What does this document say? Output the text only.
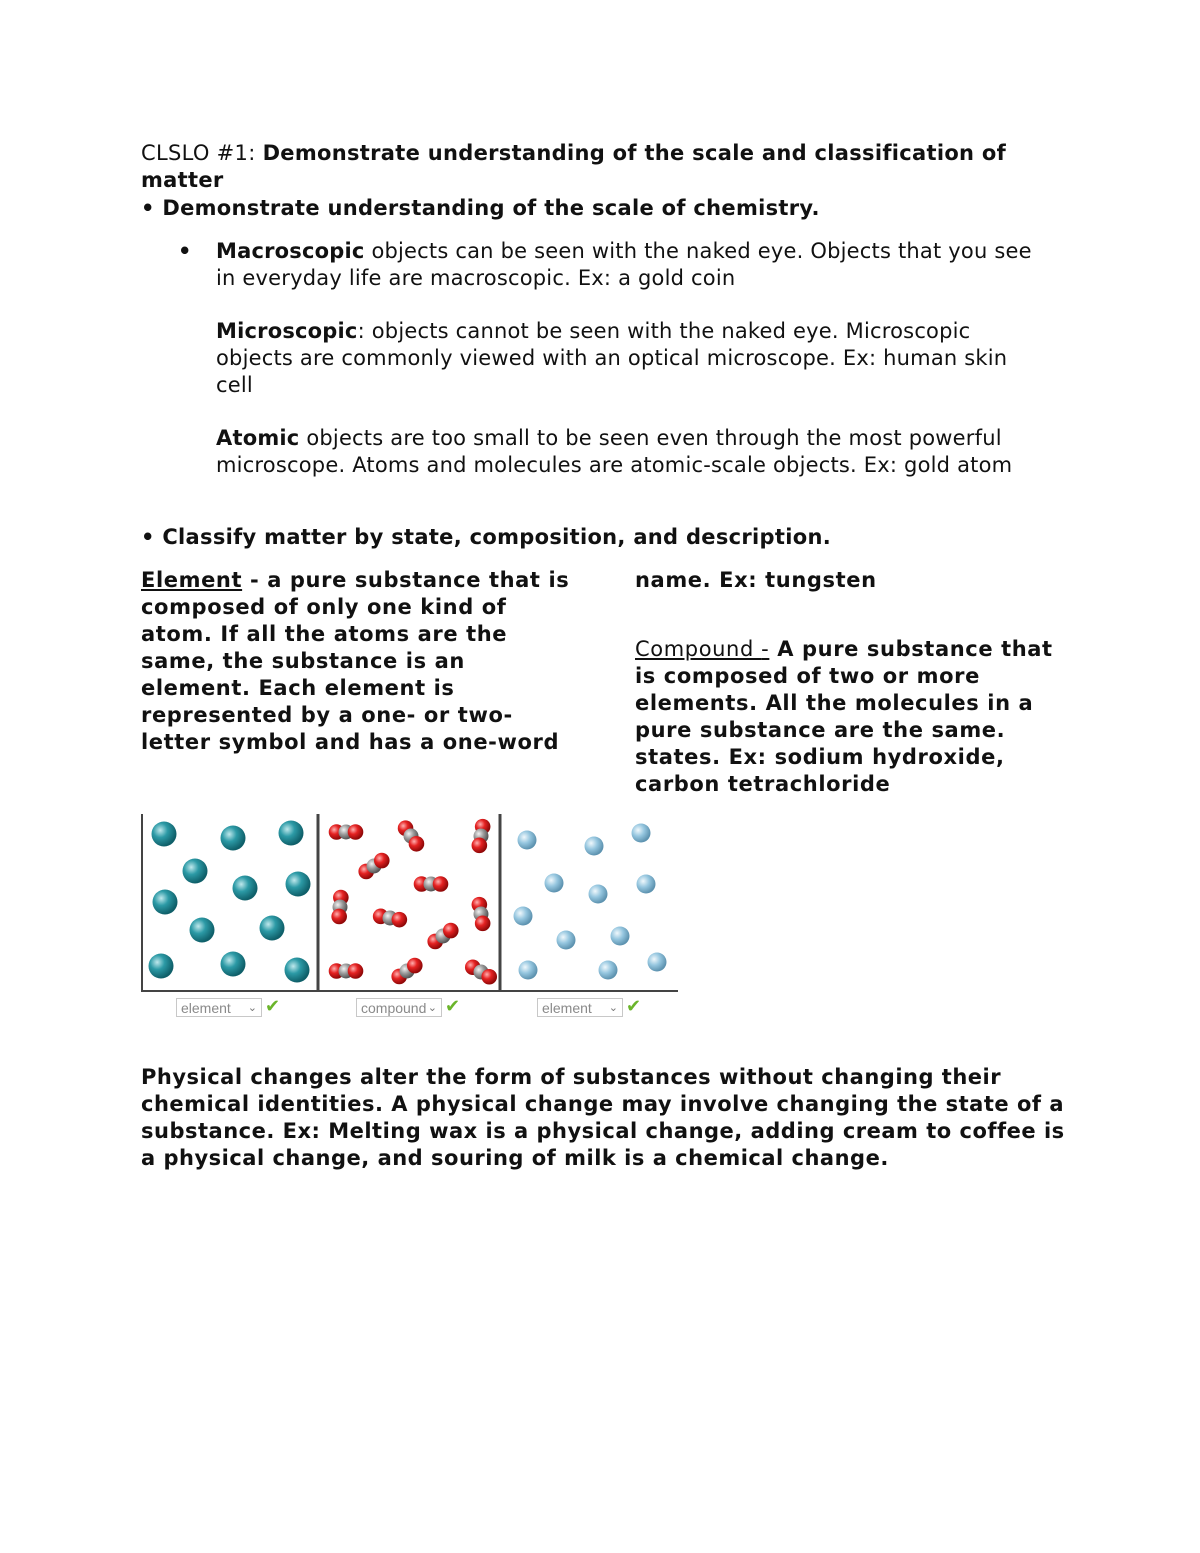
CLSLO #1: Demonstrate understanding of the scale and classification of matter
• Demonstrate understanding of the scale of chemistry.
• Macroscopic objects can be seen with the naked eye. Objects that you see in everyday life are macroscopic. Ex: a gold coin
Microscopic: objects cannot be seen with the naked eye. Microscopic objects are commonly viewed with an optical microscope. Ex: human skin cell
Atomic objects are too small to be seen even through the most powerful microscope. Atoms and molecules are atomic-scale objects. Ex: gold atom
• Classify matter by state, composition, and description.
Element - a pure substance that is composed of only one kind of atom. If all the atoms are the same, the substance is an element. Each element is represented by a one- or two-letter symbol and has a one-word
name. Ex: tungsten
Compound - A pure substance that is composed of two or more elements. All the molecules in a pure substance are the same. states. Ex: sodium hydroxide, carbon tetrachloride
element ⌄ ✔	compound ⌄ ✔	element ⌄ ✔
Physical changes alter the form of substances without changing their chemical identities. A physical change may involve changing the state of a substance. Ex: Melting wax is a physical change, adding cream to coffee is a physical change, and souring of milk is a chemical change.
